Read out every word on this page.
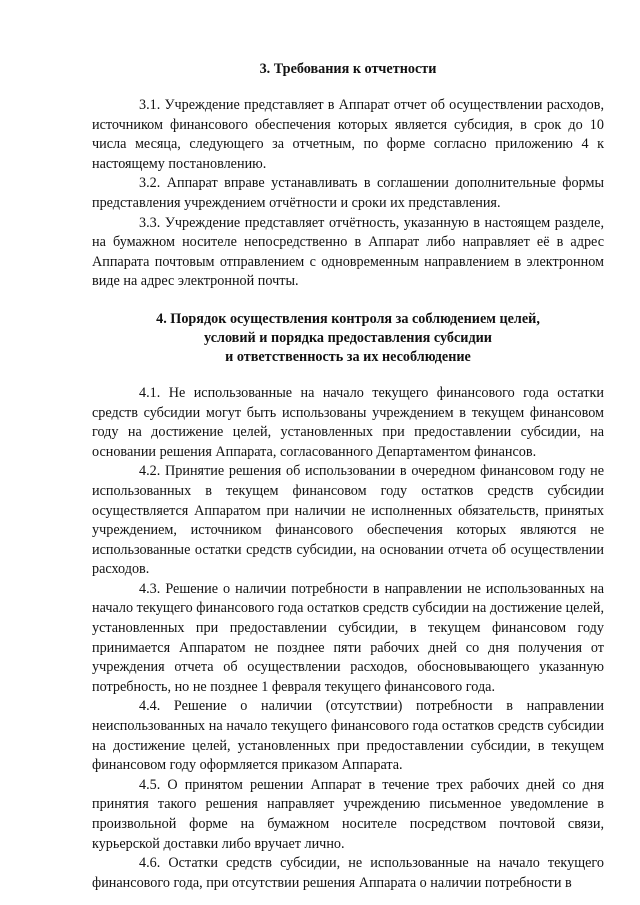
3. Требования к отчетности

3.1. Учреждение представляет в Аппарат отчет об осуществлении расходов, источником финансового обеспечения которых является субсидия, в срок до 10 числа месяца, следующего за отчетным, по форме согласно приложению 4 к настоящему постановлению.

3.2. Аппарат вправе устанавливать в соглашении дополнительные формы представления учреждением отчётности и сроки их представления.

3.3. Учреждение представляет отчётность, указанную в настоящем разделе, на бумажном носителе непосредственно в Аппарат либо направляет её в адрес Аппарата почтовым отправлением с одновременным направлением в электронном виде на адрес электронной почты.

4. Порядок осуществления контроля за соблюдением целей,
условий и порядка предоставления субсидии
и ответственность за их несоблюдение

4.1. Не использованные на начало текущего финансового года остатки средств субсидии могут быть использованы учреждением в текущем финансовом году на достижение целей, установленных при предоставлении субсидии, на основании решения Аппарата, согласованного Департаментом финансов.

4.2. Принятие решения об использовании в очередном финансовом году не использованных в текущем финансовом году остатков средств субсидии осуществляется Аппаратом при наличии не исполненных обязательств, принятых учреждением, источником финансового обеспечения которых являются не использованные остатки средств субсидии, на основании отчета об осуществлении расходов.

4.3. Решение о наличии потребности в направлении не использованных на начало текущего финансового года остатков средств субсидии на достижение целей, установленных при предоставлении субсидии, в текущем финансовом году принимается Аппаратом не позднее пяти рабочих дней со дня получения от учреждения отчета об осуществлении расходов, обосновывающего указанную потребность, но не позднее 1 февраля текущего финансового года.

4.4. Решение о наличии (отсутствии) потребности в направлении неиспользованных на начало текущего финансового года остатков средств субсидии на достижение целей, установленных при предоставлении субсидии, в текущем финансовом году оформляется приказом Аппарата.

4.5. О принятом решении Аппарат в течение трех рабочих дней со дня принятия такого решения направляет учреждению письменное уведомление в произвольной форме на бумажном носителе посредством почтовой связи, курьерской доставки либо вручает лично.

4.6. Остатки средств субсидии, не использованные на начало текущего финансового года, при отсутствии решения Аппарата о наличии потребности в
